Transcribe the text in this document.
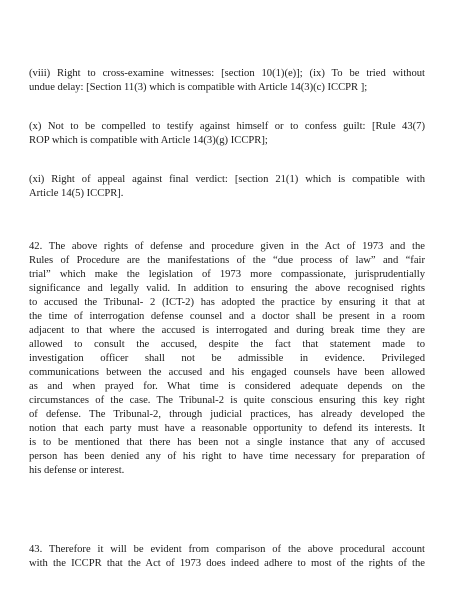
(viii) Right to cross-examine witnesses: [section 10(1)(e)]; (ix) To be tried without
undue delay: [Section 11(3) which is compatible with Article 14(3)(c) ICCPR ];

(x) Not to be compelled to testify against himself or to confess guilt: [Rule 43(7)
ROP which is compatible with Article 14(3)(g) ICCPR];

(xi) Right of appeal against final verdict: [section 21(1) which is compatible with
Article 14(5) ICCPR].

42. The above rights of defense and procedure given in the Act of 1973 and the
Rules of Procedure are the manifestations of the “due process of law” and “fair
trial” which make the legislation of 1973 more compassionate, jurisprudentially
significance and legally valid. In addition to ensuring the above recognised rights
to accused the Tribunal- 2 (ICT-2) has adopted the practice by ensuring it that at
the time of interrogation defense counsel and a doctor shall be present in a room
adjacent to that where the accused is interrogated and during break time they are
allowed to consult the accused, despite the fact that statement made to
investigation officer shall not be admissible in evidence. Privileged
communications between the accused and his engaged counsels have been allowed
as and when prayed for. What time is considered adequate depends on the
circumstances of the case. The Tribunal-2 is quite conscious ensuring this key right
of defense. The Tribunal-2, through judicial practices, has already developed the
notion that each party must have a reasonable opportunity to defend its interests. It
is to be mentioned that there has been not a single instance that any of accused
person has been denied any of his right to have time necessary for preparation of
his defense or interest.

43. Therefore it will be evident from comparison of the above procedural account
with the ICCPR that the Act of 1973 does indeed adhere to most of the rights of the
